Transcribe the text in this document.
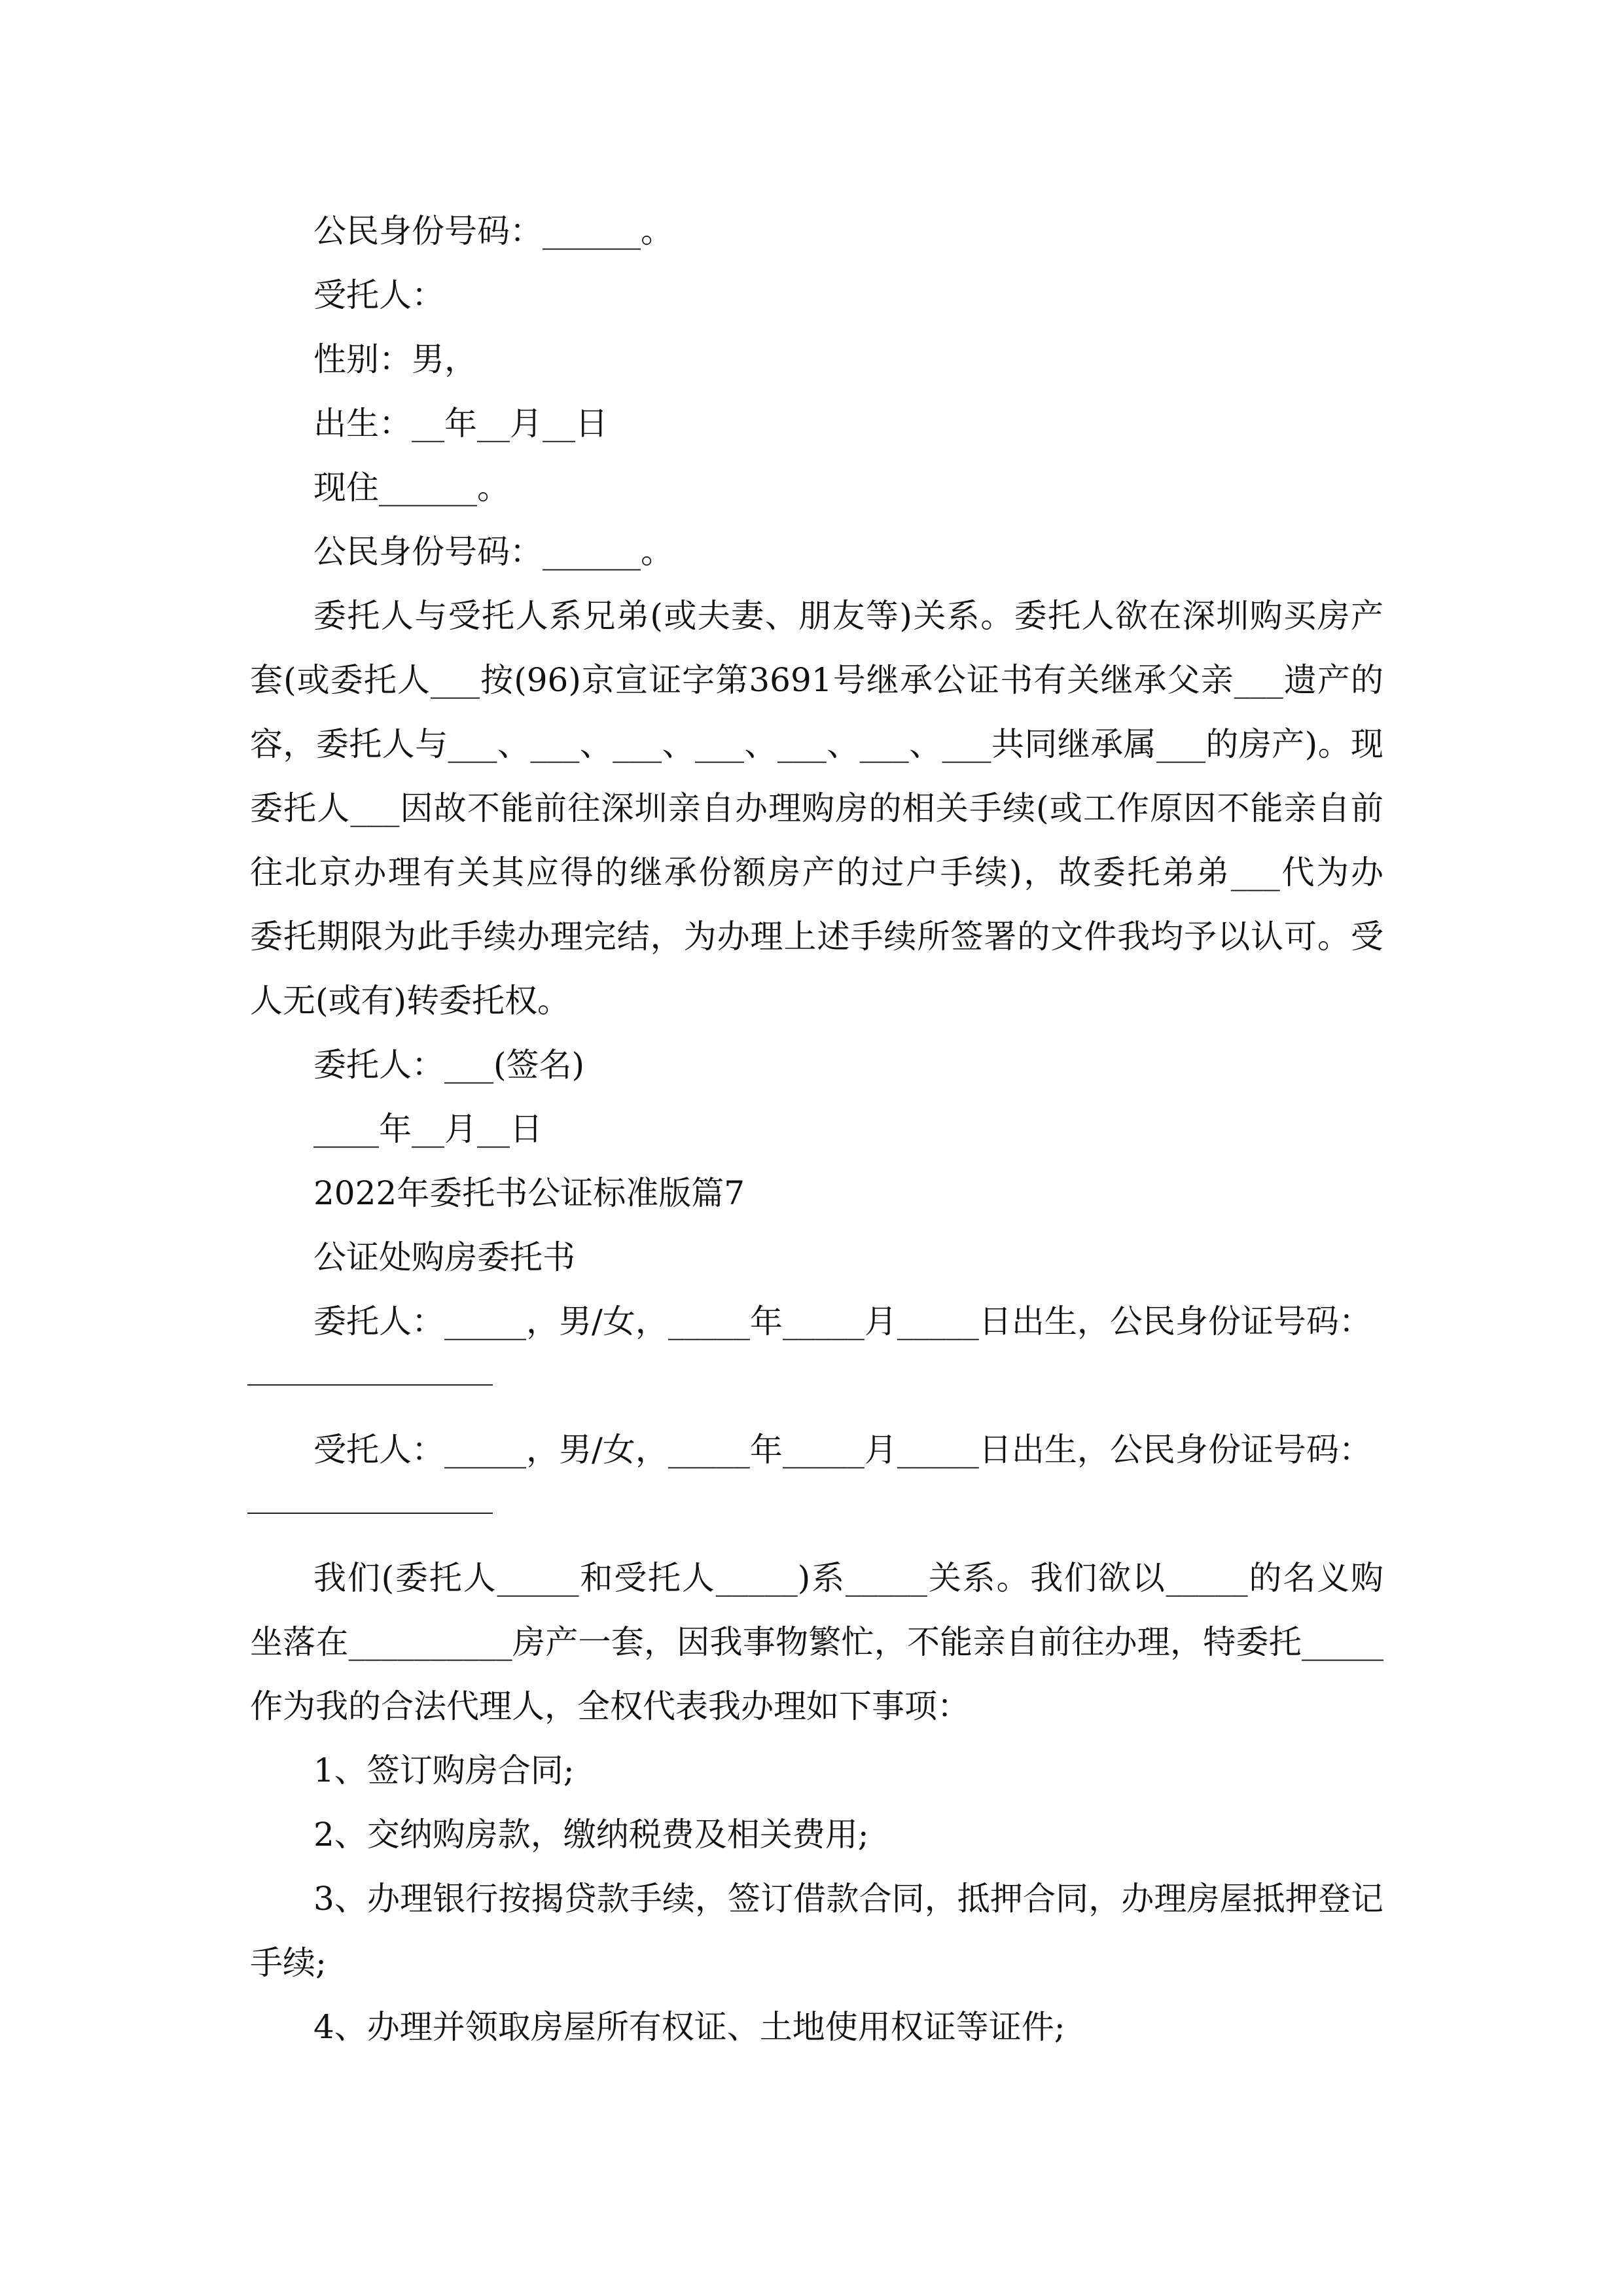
公民身份号码：______。
受托人：
性别：男，
出生：__年__月__日
现住______。
公民身份号码：______。
委托人与受托人系兄弟(或夫妻、朋友等)关系。委托人欲在深圳购买房产
套(或委托人___按(96)京宣证字第3691号继承公证书有关继承父亲___遗产的
容，委托人与___、___、___、___、___、___、___共同继承属___的房产)。现
委托人___因故不能前往深圳亲自办理购房的相关手续(或工作原因不能亲自前
往北京办理有关其应得的继承份额房产的过户手续)，故委托弟弟___代为办
委托期限为此手续办理完结，为办理上述手续所签署的文件我均予以认可。受
人无(或有)转委托权。
委托人：___(签名)
____年__月__日
2022年委托书公证标准版篇7
公证处购房委托书
委托人：_____，男/女，_____年_____月_____日出生，公民身份证号码：
受托人：_____，男/女，_____年_____月_____日出生，公民身份证号码：
我们(委托人_____和受托人_____)系_____关系。我们欲以_____的名义购
坐落在__________房产一套，因我事物繁忙，不能亲自前往办理，特委托_____
作为我的合法代理人，全权代表我办理如下事项：
1、签订购房合同;
2、交纳购房款，缴纳税费及相关费用;
3、办理银行按揭贷款手续，签订借款合同，抵押合同，办理房屋抵押登记
手续;
4、办理并领取房屋所有权证、土地使用权证等证件;
